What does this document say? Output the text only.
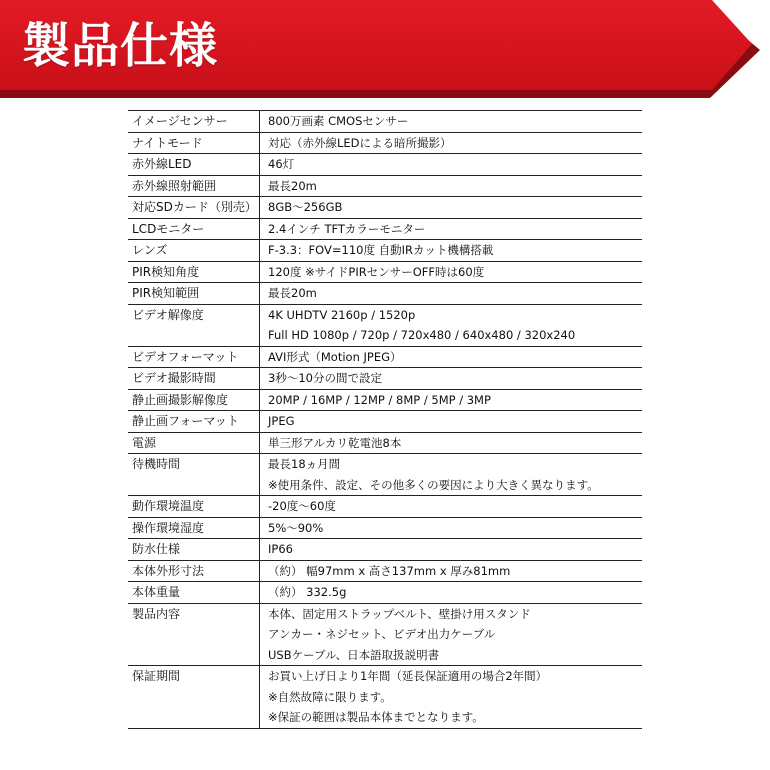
製品仕様
イメージセンサー	800万画素 CMOSセンサー
ナイトモード	対応（赤外線LEDによる暗所撮影）
赤外線LED	46灯
赤外線照射範囲	最長20m
対応SDカード（別売） 8GB〜256GB
LCDモニター	2.4インチ TFTカラーモニター
レンズ	F-3.3：FOV=110度 自動IRカット機構搭載
PIR検知角度	120度 ※サイドPIRセンサーOFF時は60度
PIR検知範囲	最長20m
ビデオ解像度	4K UHDTV 2160p / 1520p
Full HD 1080p / 720p / 720x480 / 640x480 / 320x240
ビデオフォーマット	AVI形式（Motion JPEG）
ビデオ撮影時間	3秒〜10分の間で設定
静止画撮影解像度	20MP / 16MP / 12MP / 8MP / 5MP / 3MP
静止画フォーマット	JPEG
電源	単三形アルカリ乾電池8本
待機時間	最長18ヵ月間
※使用条件、設定、その他多くの要因により大きく異なります。
動作環境温度	-20度〜60度
操作環境湿度	5%〜90%
防水仕様	IP66
本体外形寸法	（約） 幅97mm x 高さ137mm x 厚み81mm
本体重量	（約） 332.5g
製品内容	本体、固定用ストラップベルト、壁掛け用スタンド
アンカー・ネジセット、ビデオ出力ケーブル
USBケーブル、日本語取扱説明書
保証期間	お買い上げ日より1年間（延長保証適用の場合2年間）
※自然故障に限ります。
※保証の範囲は製品本体までとなります。
